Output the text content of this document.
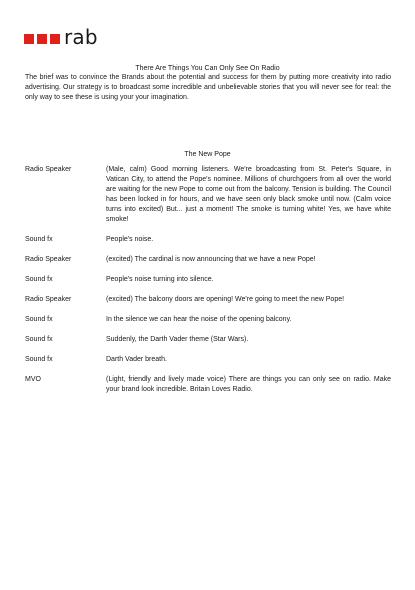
rab
There Are Things You Can Only See On Radio

The brief was to convince the Brands about the potential and success for them by putting more creativity into radio advertising. Our strategy is to broadcast some incredible and unbelievable stories that you will never see for real: the only way to see these is using your your imagination.

The New Pope
Radio Speaker	(Male, calm) Good morning listeners. We're broadcasting from St. Peter's Square, in Vatican City, to attend the Pope's nominee. Millions of churchgoers from all over the world are waiting for the new Pope to come out from the balcony. Tension is building. The Council has been locked in for hours, and we have seen only black smoke until now. (Calm voice turns into excited) But... just a moment! The smoke is turning white! Yes, we have white smoke!
Sound fx	People's noise.
Radio Speaker	(excited) The cardinal is now announcing that we have a new Pope!
Sound fx	People's noise turning into silence.
Radio Speaker	(excited) The balcony doors are opening! We're going to meet the new Pope!
Sound fx	In the silence we can hear the noise of the opening balcony.
Sound fx	Suddenly, the Darth Vader theme (Star Wars).
Sound fx	Darth Vader breath.
MVO	(Light, friendly and lively made voice) There are things you can only see on radio. Make your brand look incredible. Britain Loves Radio.
